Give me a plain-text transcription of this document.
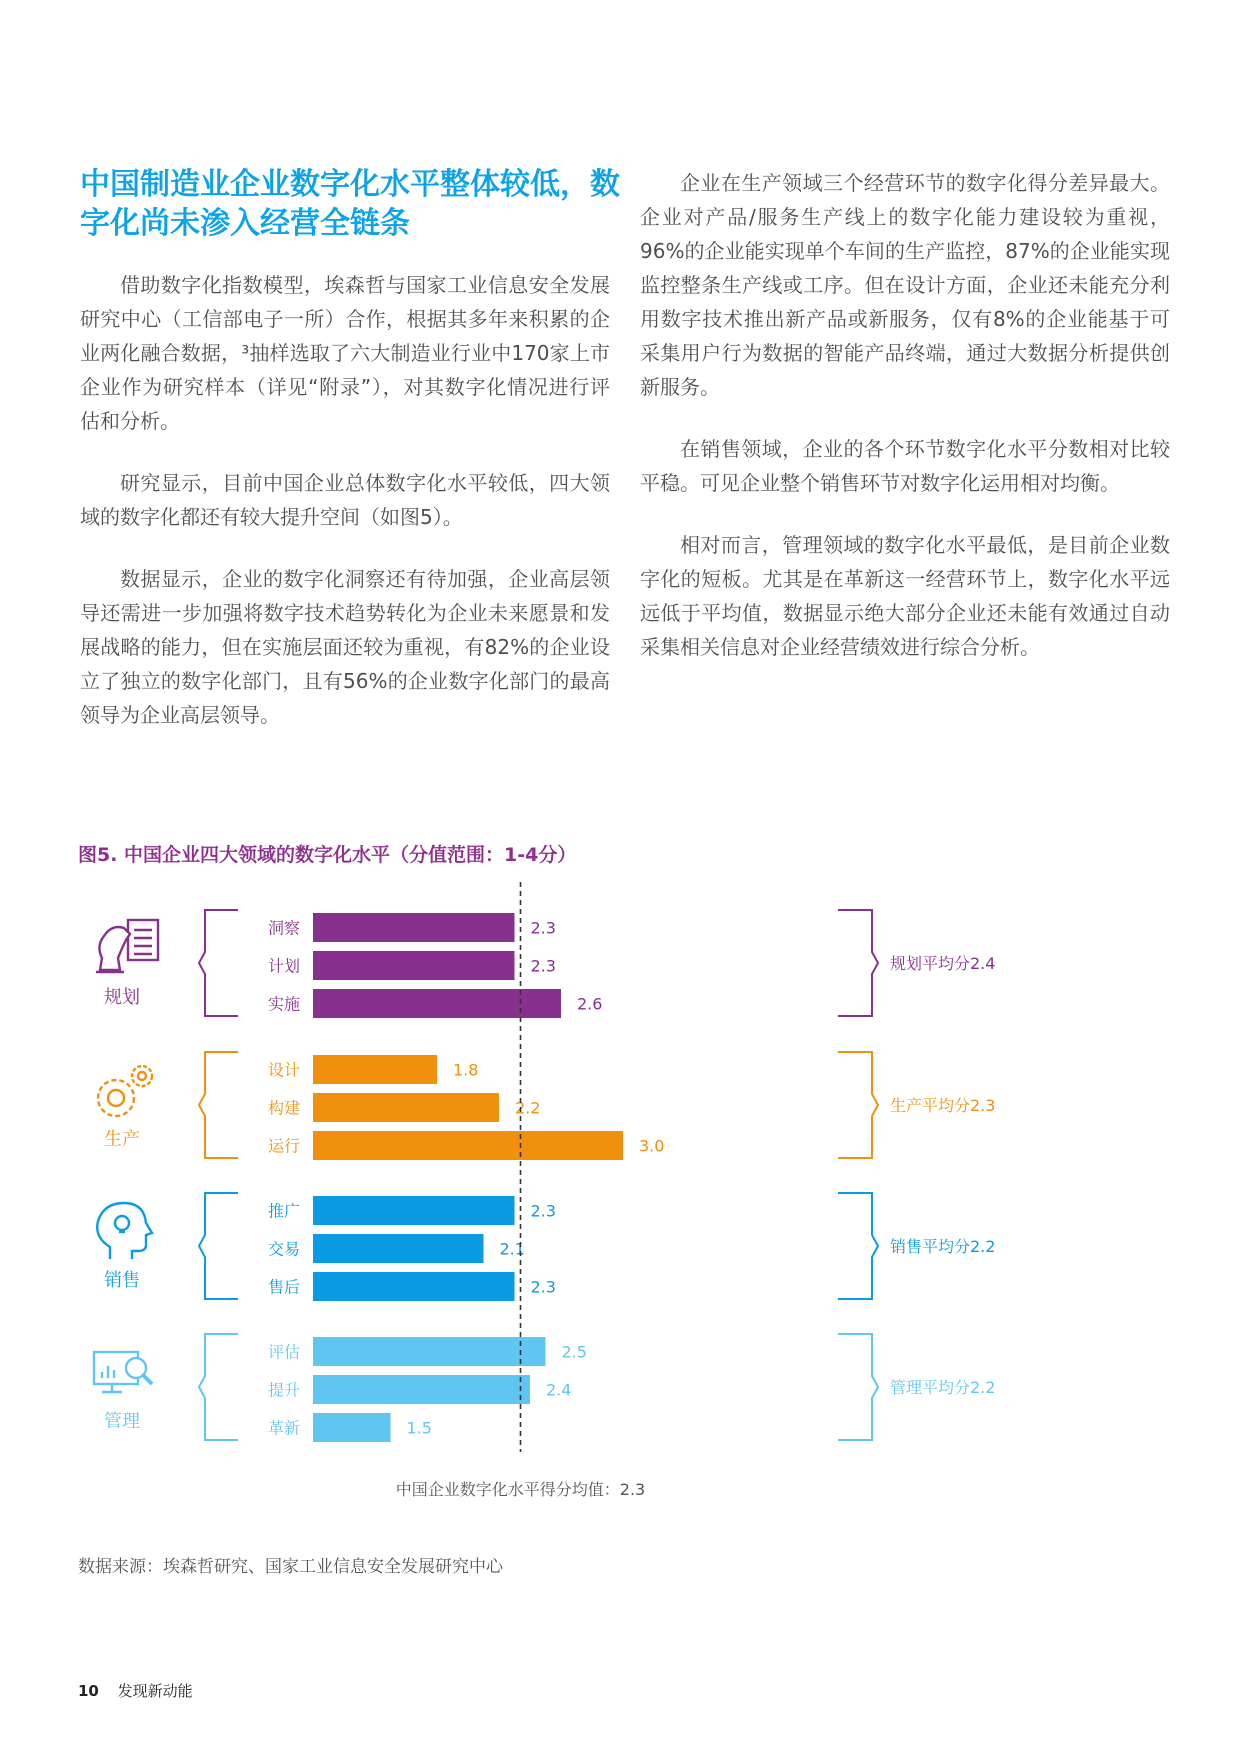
中国制造业企业数字化水平整体较低，数字化尚未渗入经营全链条

借助数字化指数模型，埃森哲与国家工业信息安全发展研究中心（工信部电子一所）合作，根据其多年来积累的企业两化融合数据，³抽样选取了六大制造业行业中170家上市企业作为研究样本（详见“附录”），对其数字化情况进行评估和分析。

研究显示，目前中国企业总体数字化水平较低，四大领域的数字化都还有较大提升空间（如图5）。

数据显示，企业的数字化洞察还有待加强，企业高层领导还需进一步加强将数字技术趋势转化为企业未来愿景和发展战略的能力，但在实施层面还较为重视，有82%的企业设立了独立的数字化部门，且有56%的企业数字化部门的最高领导为企业高层领导。

企业在生产领域三个经营环节的数字化得分差异最大。企业对产品/服务生产线上的数字化能力建设较为重视，96%的企业能实现单个车间的生产监控，87%的企业能实现监控整条生产线或工序。但在设计方面，企业还未能充分利用数字技术推出新产品或新服务，仅有8%的企业能基于可采集用户行为数据的智能产品终端，通过大数据分析提供创新服务。

在销售领域，企业的各个环节数字化水平分数相对比较平稳。可见企业整个销售环节对数字化运用相对均衡。

相对而言，管理领域的数字化水平最低，是目前企业数字化的短板。尤其是在革新这一经营环节上，数字化水平远远低于平均值，数据显示绝大部分企业还未能有效通过自动采集相关信息对企业经营绩效进行综合分析。

图5. 中国企业四大领域的数字化水平（分值范围：1-4分）
规划平均分2.4
规划
洞察	2.3
计划	2.3
实施	2.6
生产平均分2.3
生产
设计	1.8
构建	2.2
运行	3.0
销售平均分2.2
销售
推广	2.3
交易	2.1
售后	2.3
管理平均分2.2
管理
评估	2.5
提升	2.4
革新	1.5
中国企业数字化水平得分均值：2.3
数据来源：埃森哲研究、国家工业信息安全发展研究中心
10 发现新动能
